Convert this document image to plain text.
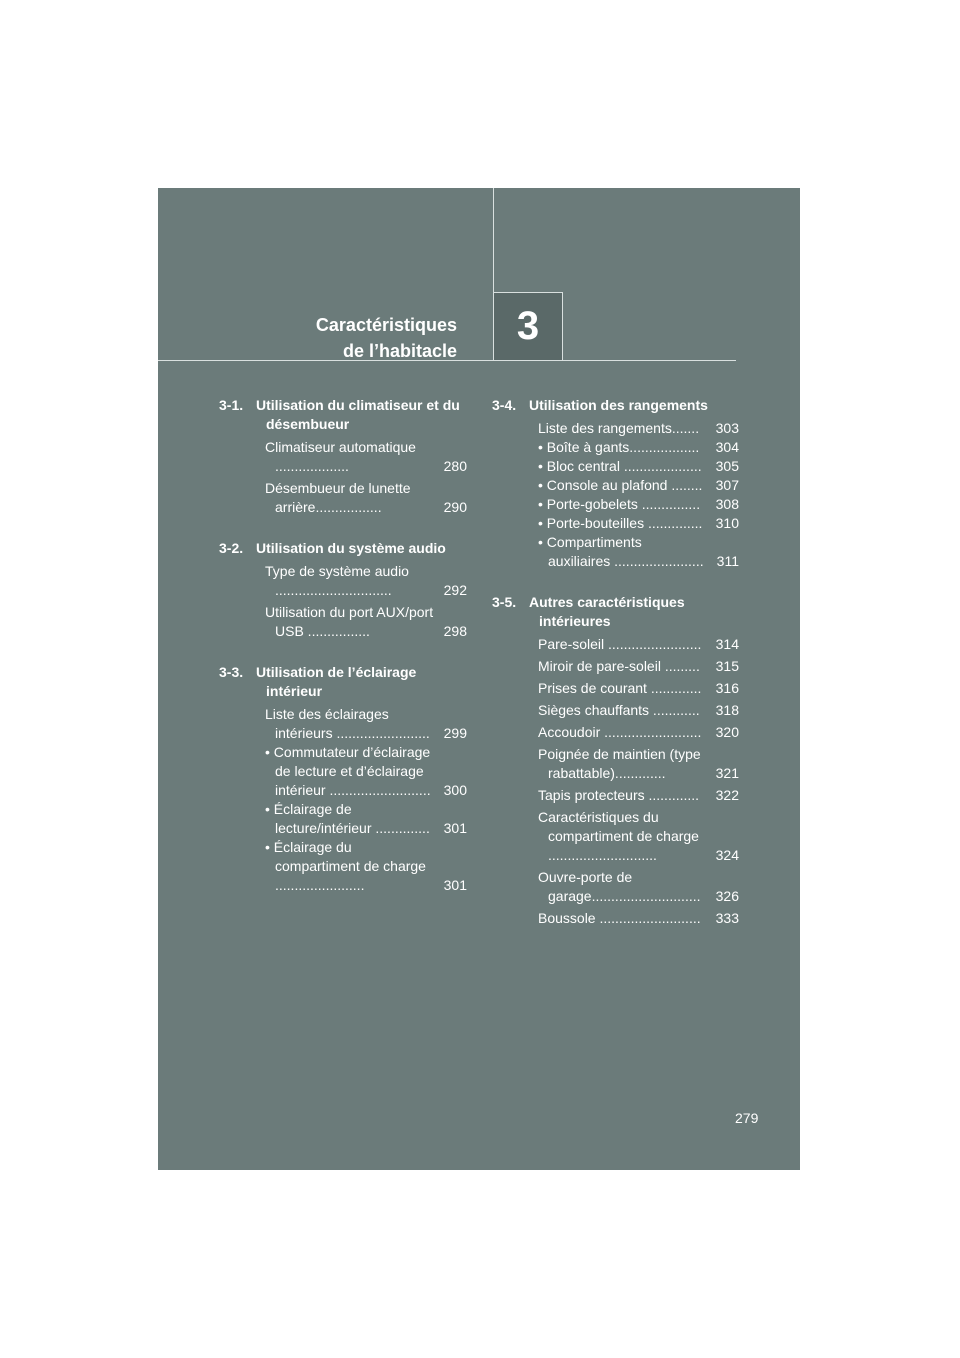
Caractéristiques
de l’habitacle
3
3-1. Utilisation du climatiseur et du désembueur
Climatiseur automatique ...................	280
Désembueur de lunette arrière.................	290
3-2. Utilisation du système audio
Type de système audio ..............................	292
Utilisation du port AUX/port USB ................	298
3-3. Utilisation de l’éclairage intérieur
Liste des éclairages intérieurs ........................ 299
• Commutateur d’éclairage de lecture et d’éclairage intérieur .......................... 300
• Éclairage de lecture/intérieur .............. 301
• Éclairage du compartiment de charge .......................	301
3-4. Utilisation des rangements
Liste des rangements.......	303
• Boîte à gants..................	304
• Bloc central ....................	305
• Console au plafond ........ 307
• Porte-gobelets ...............	308
• Porte-bouteilles .............. 310
• Compartiments auxiliaires ....................... 311
3-5. Autres caractéristiques intérieures
Pare-soleil ........................	314
Miroir de pare-soleil .........	315
Prises de courant .............	316
Sièges chauffants ............	318
Accoudoir .........................	320
Poignée de maintien (type rabattable).............	321
Tapis protecteurs .............	322
Caractéristiques du compartiment de charge ............................	324
Ouvre-porte de garage............................	326
Boussole ..........................	333
279
